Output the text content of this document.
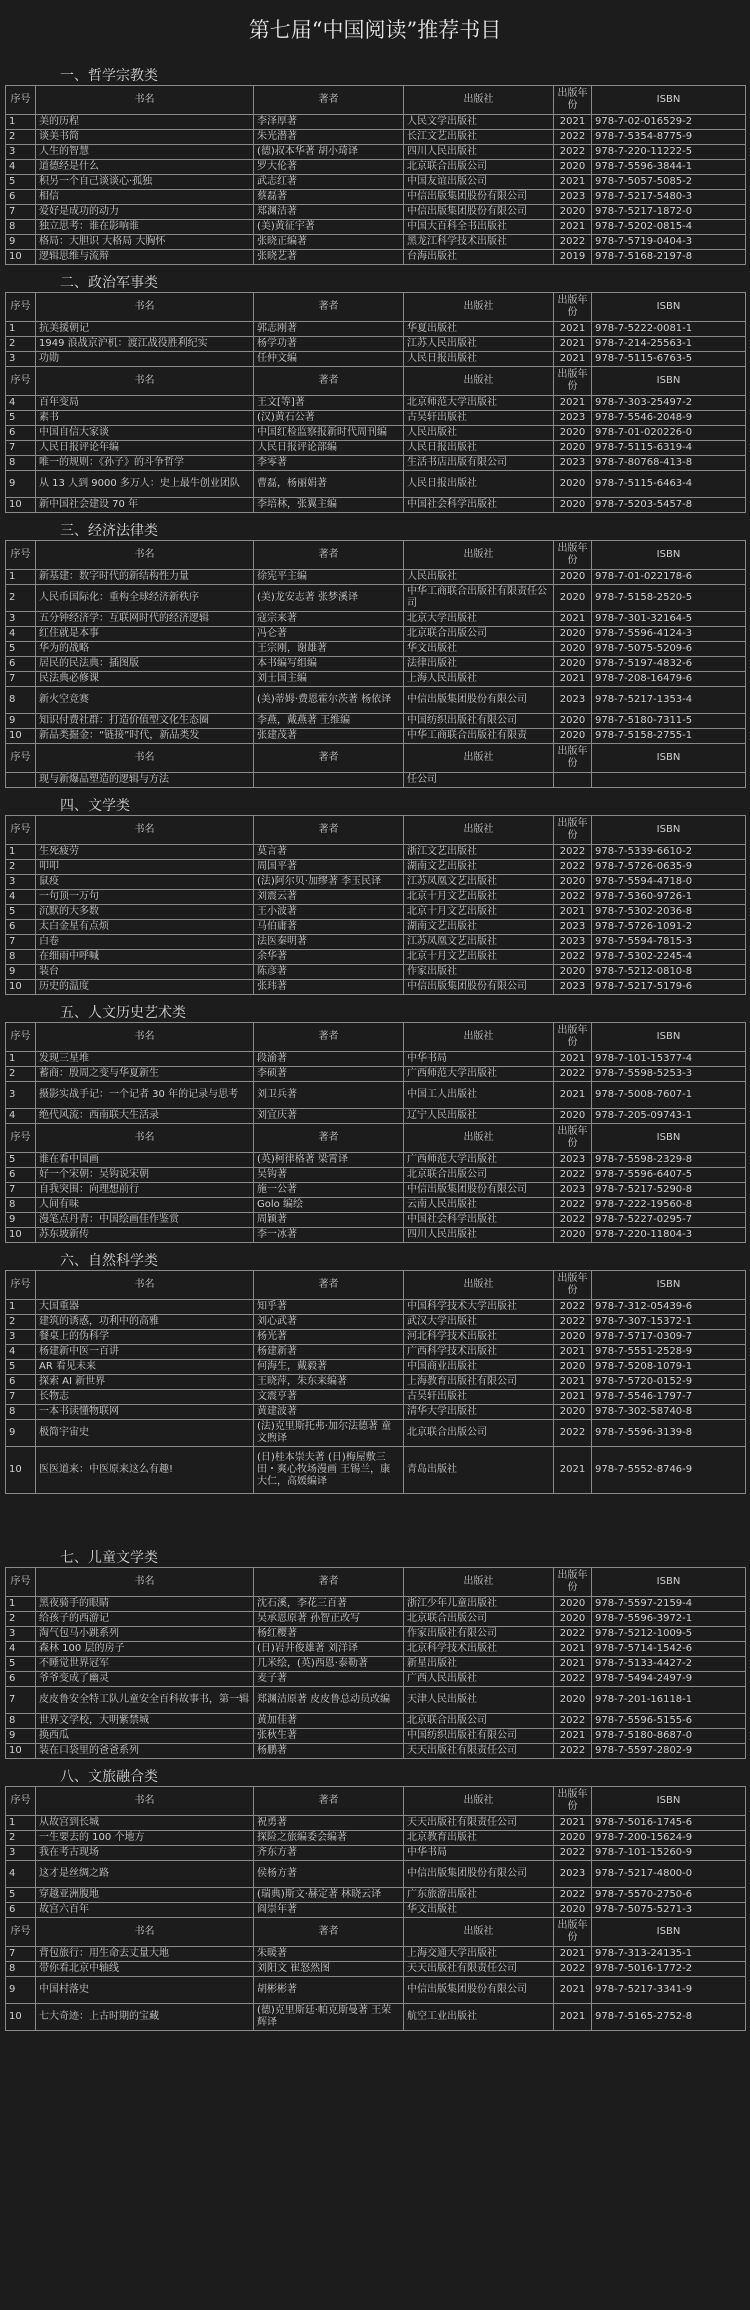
第七届“中国阅读”推荐书目
一、哲学宗教类
序号	书名	著者	出版社	出版年份	ISBN
1	美的历程	李泽厚著	人民文学出版社	2021	978-7-02-016529-2
2	谈美书简	朱光潜著	长江文艺出版社	2022	978-7-5354-8775-9
3	人生的智慧	(德)叔本华著 胡小琦译	四川人民出版社	2022	978-7-220-11222-5
4	道德经是什么	罗大伦著	北京联合出版公司	2020	978-7-5596-3844-1
5	积另一个自己谈谈心·孤独	武志红著	中国友谊出版公司	2021	978-7-5057-5085-2
6	相信	蔡磊著	中信出版集团股份有限公司	2023	978-7-5217-5480-3
7	爱好是成功的动力	郑渊洁著	中信出版集团股份有限公司	2020	978-7-5217-1872-0
8	独立思考：谁在影响谁	(美)黄征宇著	中国大百科全书出版社	2021	978-7-5202-0815-4
9	格局：大胆识 大格局 大胸怀	张晓正编著	黑龙江科学技术出版社	2022	978-7-5719-0404-3
10	逻辑思维与流辩	张晓艺著	台海出版社	2019	978-7-5168-2197-8
二、政治军事类
序号	书名	著者	出版社	出版年份	ISBN
1	抗美援朝记	郭志刚著	华夏出版社	2021	978-7-5222-0081-1
2	1949 浪战京沪机：渡江战役胜利纪实	杨学功著	江苏人民出版社	2021	978-7-214-25563-1
3	功勋	任仲文编	人民日报出版社	2021	978-7-5115-6763-5
序号	书名	著者	出版社	出版年份	ISBN
4	百年变局	王文[等]著	北京师范大学出版社	2021	978-7-303-25497-2
5	素书	(汉)黄石公著	古吴轩出版社	2023	978-7-5546-2048-9
6	中国自信大家谈	中国红检监察报新时代周刊编	人民出版社	2020	978-7-01-020226-0
7	人民日报评论年编	人民日报评论部编	人民日报出版社	2020	978-7-5115-6319-4
8	唯一的规则：《孙子》的斗争哲学	李零著	生活书店出版有限公司	2023	978-7-80768-413-8
9	从 13 人到 9000 多万人：史上最牛创业团队	曹磊，杨丽娟著	人民日报出版社	2020	978-7-5115-6463-4
10	新中国社会建设 70 年	李培林，张翼主编	中国社会科学出版社	2020	978-7-5203-5457-8
三、经济法律类
序号	书名	著者	出版社	出版年份	ISBN
1	新基建：数字时代的新结构性力量	徐宪平主编	人民出版社	2020	978-7-01-022178-6
2	人民币国际化：重构全球经济新秩序	(美)龙安志著 张梦溪译	中华工商联合出版社有限责任公司	2020	978-7-5158-2520-5
3	五分钟经济学：互联网时代的经济逻辑	寇宗来著	北京大学出版社	2021	978-7-301-32164-5
4	红住就是本事	冯仑著	北京联合出版公司	2020	978-7-5596-4124-3
5	华为的战略	王宗刚，谢雄著	华文出版社	2020	978-7-5075-5209-6
6	居民的民法典：插图版	本书编写组编	法律出版社	2020	978-7-5197-4832-6
7	民法典必修课	刘士国主编	上海人民出版社	2021	978-7-208-16479-6
8	新火空竞赛	(美)蒂姆·费恩霍尔茨著 杨依译	中信出版集团股份有限公司	2023	978-7-5217-1353-4
9	知识付费社群：打造价值型文化生态圈	李燕，戴燕著 王维编	中国纺织出版社有限公司	2020	978-7-5180-7311-5
10	新品类掘金：“链接”时代，新品类发	张建茂著	中华工商联合出版社有限责	2020	978-7-5158-2755-1
序号	书名	著者	出版社	出版年份	ISBN
	现与新爆品塑造的逻辑与方法		任公司		
四、文学类
序号	书名	著者	出版社	出版年份	ISBN
1	生死疲劳	莫言著	浙江文艺出版社	2022	978-7-5339-6610-2
2	叩叩	周国平著	湖南文艺出版社	2022	978-7-5726-0635-9
3	鼠疫	(法)阿尔贝·加缪著 李玉民译	江苏凤凰文艺出版社	2020	978-7-5594-4718-0
4	一句顶一万句	刘震云著	北京十月文艺出版社	2022	978-7-5360-9726-1
5	沉默的大多数	王小波著	北京十月文艺出版社	2021	978-7-5302-2036-8
6	太白金星有点烦	马伯庸著	湖南文艺出版社	2023	978-7-5726-1091-2
7	白卷	法医秦明著	江苏凤凰文艺出版社	2023	978-7-5594-7815-3
8	在细雨中呼喊	余华著	北京十月文艺出版社	2022	978-7-5302-2245-4
9	装台	陈彦著	作家出版社	2020	978-7-5212-0810-8
10	历史的温度	张玮著	中信出版集团股份有限公司	2023	978-7-5217-5179-6
五、人文历史艺术类
序号	书名	著者	出版社	出版年份	ISBN
1	发现三星堆	段渝著	中华书局	2021	978-7-101-15377-4
2	蓄商：殷周之变与华夏新生	李硕著	广西师范大学出版社	2022	978-7-5598-5253-3
3	摄影实战手记：一个记者 30 年的记录与思考	刘卫兵著	中国工人出版社	2021	978-7-5008-7607-1
4	绝代风流：西南联大生活录	刘宜庆著	辽宁人民出版社	2020	978-7-205-09743-1
序号	书名	著者	出版社	出版年份	ISBN
5	谁在看中国画	(英)柯律格著 梁霄译	广西师范大学出版社	2023	978-7-5598-2329-8
6	好一个宋朝：吴钩说宋朝	吴钩著	北京联合出版公司	2022	978-7-5596-6407-5
7	自我突围：向理想前行	施一公著	中信出版集团股份有限公司	2023	978-7-5217-5290-8
8	人间有味	Golo 编绘	云南人民出版社	2022	978-7-222-19560-8
9	漫笔点丹青：中国绘画佳作鉴赏	周颖著	中国社会科学出版社	2022	978-7-5227-0295-7
10	苏东坡新传	李一冰著	四川人民出版社	2020	978-7-220-11804-3
六、自然科学类
序号	书名	著者	出版社	出版年份	ISBN
1	大国重器	知乎著	中国科学技术大学出版社	2022	978-7-312-05439-6
2	建筑的诱惑，功利中的高雅	刘心武著	武汉大学出版社	2022	978-7-307-15372-1
3	餐桌上的伪科学	杨光著	河北科学技术出版社	2020	978-7-5717-0309-7
4	杨建新中医一百讲	杨建新著	广西科学技术出版社	2021	978-7-5551-2528-9
5	AR 看见未来	何海生，戴毅著	中国商业出版社	2020	978-7-5208-1079-1
6	探索 AI 新世界	王晓萍，朱东来编著	上海教育出版社有限公司	2021	978-7-5720-0152-9
7	长物志	文震亨著	古吴轩出版社	2021	978-7-5546-1797-7
8	一本书读懂物联网	黄建波著	清华大学出版社	2020	978-7-302-58740-8
9	极简宇宙史	(法)克里斯托弗·加尔法德著 童文煦译	北京联合出版公司	2022	978-7-5596-3139-8
10	医医道来：中医原来这么有趣!	(日)桂本崇夫著 (日)梅屋敷三田・爽心牧场漫画 王锡兰，康大仁，高媛编译	青岛出版社	2021	978-7-5552-8746-9
七、儿童文学类
序号	书名	著者	出版社	出版年份	ISBN
1	黑夜骑手的眼睛	沈石溪，李花三百著	浙江少年儿童出版社	2020	978-7-5597-2159-4
2	给孩子的西游记	吴承恩原著 孙智正改写	北京联合出版公司	2020	978-7-5596-3972-1
3	淘气包马小跳系列	杨红樱著	作家出版社有限公司	2022	978-7-5212-1009-5
4	森林 100 层的房子	(日)岩井俊雄著 刘洋译	北京科学技术出版社	2021	978-7-5714-1542-6
5	不睡觉世界冠军	几米绘，(英)西恩·泰勒著	新星出版社	2021	978-7-5133-4427-2
6	爷爷变成了幽灵	麦子著	广西人民出版社	2022	978-7-5494-2497-9
7	皮皮鲁安全特工队儿童安全百科故事书，第一辑	郑渊洁原著 皮皮鲁总动员改编	天津人民出版社	2020	978-7-201-16118-1
8	世界文学校，大明紫禁城	黄加佳著	北京联合出版公司	2022	978-7-5596-5155-6
9	换西瓜	张秋生著	中国纺织出版社有限公司	2021	978-7-5180-8687-0
10	装在口袋里的爸爸系列	杨鹏著	天天出版社有限责任公司	2022	978-7-5597-2802-9
八、文旅融合类
序号	书名	著者	出版社	出版年份	ISBN
1	从故宫到长城	祝勇著	天天出版社有限责任公司	2021	978-7-5016-1745-6
2	一生要去的 100 个地方	探险之旅编委会编著	北京教育出版社	2020	978-7-200-15624-9
3	我在考古现场	齐东方著	中华书局	2022	978-7-101-15260-9
4	这才是丝绸之路	侯杨方著	中信出版集团股份有限公司	2023	978-7-5217-4800-0
5	穿越亚洲腹地	(瑞典)斯文·赫定著 林晓云译	广东旅游出版社	2022	978-7-5570-2750-6
6	故宫六百年	阎崇年著	华文出版社	2020	978-7-5075-5271-3
序号	书名	著者	出版社	出版年份	ISBN
7	背包旅行：用生命去丈量大地	朱暖著	上海交通大学出版社	2021	978-7-313-24135-1
8	带你看北京中轴线	刘阳文 崔怒然图	天天出版社有限责任公司	2022	978-7-5016-1772-2
9	中国村落史	胡彬彬著	中信出版集团股份有限公司	2021	978-7-5217-3341-9
10	七大奇迹：上古时期的宝藏	(德)克里斯廷·帕克斯曼著 王荣辉译	航空工业出版社	2021	978-7-5165-2752-8
